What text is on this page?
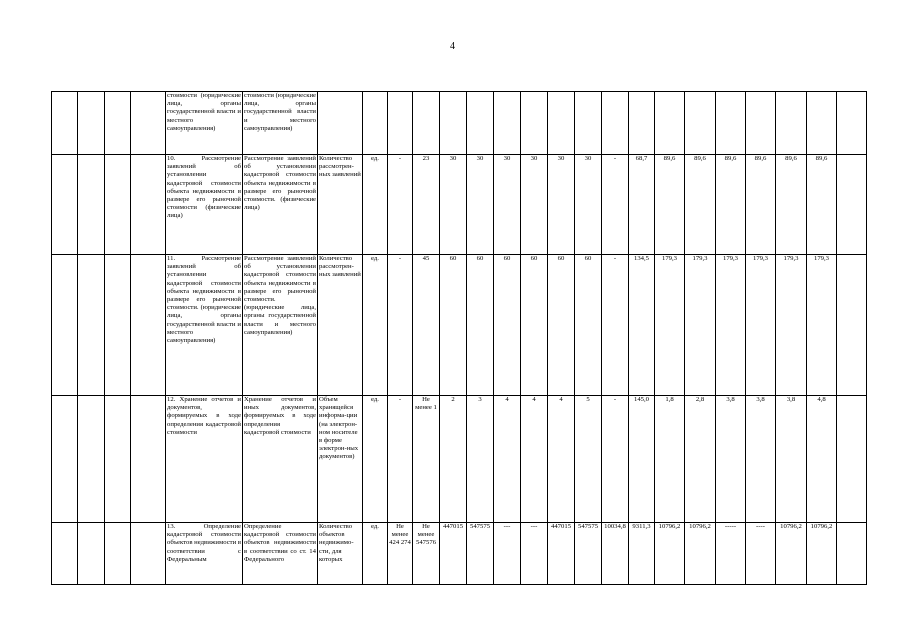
4
				стоимости (юридические лица, органы государственной власти и местного самоуправления)	стоимости (юридические лица, органы государственной власти и местного самоуправления)																			
				10. Рассмотрение заявлений об установлении кадастровой стоимости объекта недвижимости в размере его рыночной стоимости (физические лица)	Рассмотрение заявлений об установлении кадастровой стоимости объекта недвижимости в размере его рыночной стоимости. (физические лица)	Количество рассмотрен-ных заявлений	ед.	-	23	30	30	30	30	30	30	-	68,7	89,6	89,6	89,6	89,6	89,6	89,6	
				11. Рассмотрение заявлений об установлении кадастровой стоимости объекта недвижимости в размере его рыночной стоимости. (юридические лица, органы государственной власти и местного самоуправления)	Рассмотрение заявлений об установлении кадастровой стоимости объекта недвижимости в размере его рыночной стоимости. (юридические лица, органы государственной власти и местного самоуправления)	Количество рассмотрен-ных заявлений	ед.	-	45	60	60	60	60	60	60	-	134,5	179,3	179,3	179,3	179,3	179,3	179,3	
				12. Хранение отчетов и документов, формируемых в ходе определения кадастровой стоимости	Хранение отчетов и иных документов, формируемых в ходе определения кадастровой стоимости	Объем хранящейся информа-ции (на электрон-ном носителе в форме электрон-ных документов)	ед.	-	Не менее 1	2	3	4	4	4	5	-	145,0	1,8	2,8	3,8	3,8	3,8	4,8	
				13. Определение кадастровой стоимости объектов недвижимости в соответствии с Федеральным	Определение кадастровой стоимости объектов недвижимости в соответствии со ст. 14 Федерального	Количество объектов недвижимо-сти, для которых	ед.	Не менее 424 274	Не менее 547576	447015	547575	---	---	447015	547575	10034,8	9311,3	10796,2	10796,2	-----	----	10796,2	10796,2	
